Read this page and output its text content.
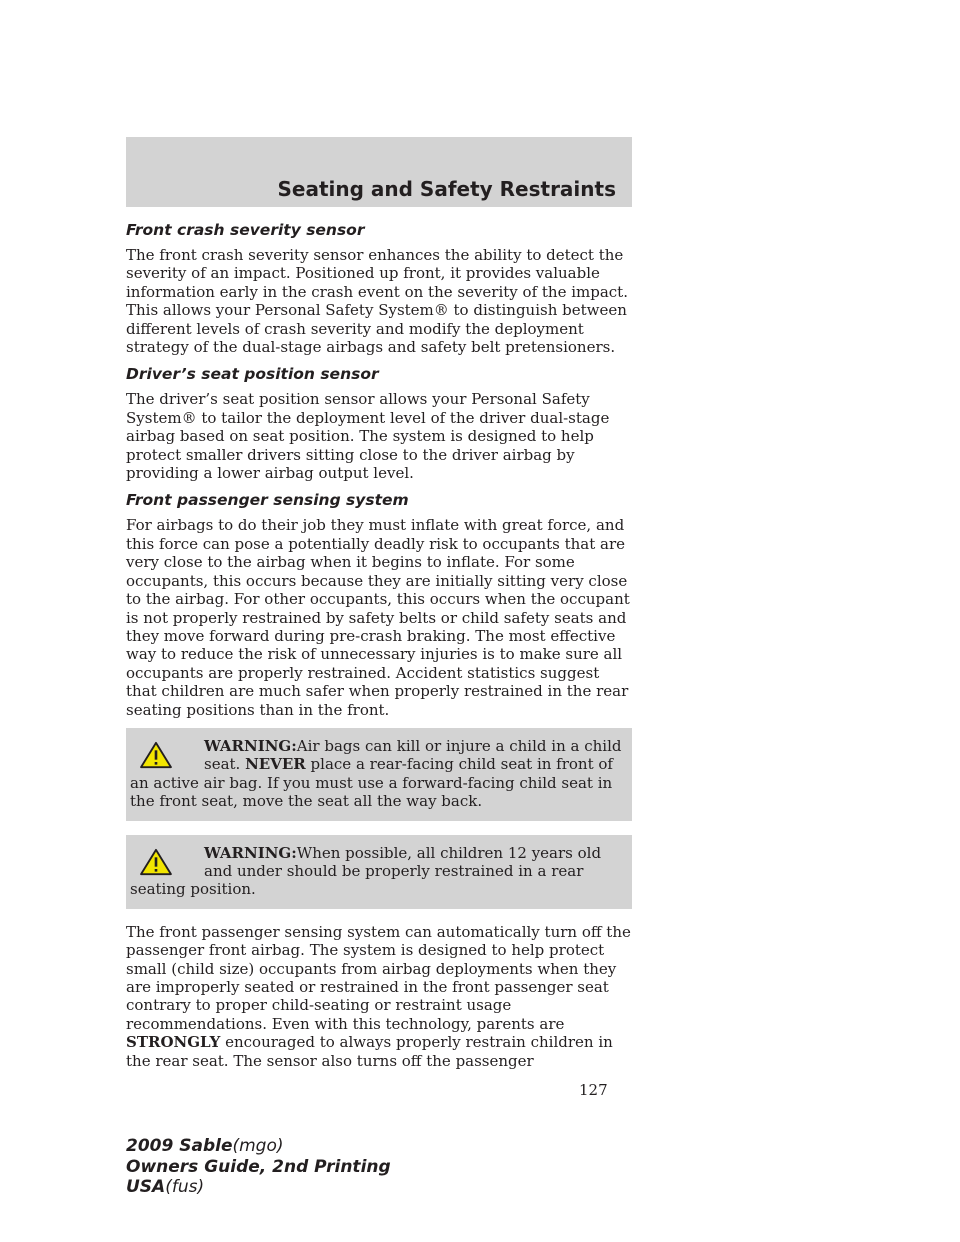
Seating and Safety Restraints
Front crash severity sensor

The front crash severity sensor enhances the ability to detect the severity of an impact. Positioned up front, it provides valuable information early in the crash event on the severity of the impact. This allows your Personal Safety System® to distinguish between different levels of crash severity and modify the deployment strategy of the dual-stage airbags and safety belt pretensioners.

Driver’s seat position sensor

The driver’s seat position sensor allows your Personal Safety System® to tailor the deployment level of the driver dual-stage airbag based on seat position. The system is designed to help protect smaller drivers sitting close to the driver airbag by providing a lower airbag output level.

Front passenger sensing system

For airbags to do their job they must inflate with great force, and this force can pose a potentially deadly risk to occupants that are very close to the airbag when it begins to inflate. For some occupants, this occurs because they are initially sitting very close to the airbag. For other occupants, this occurs when the occupant is not properly restrained by safety belts or child safety seats and they move forward during pre-crash braking. The most effective way to reduce the risk of unnecessary injuries is to make sure all occupants are properly restrained. Accident statistics suggest that children are much safer when properly restrained in the rear seating positions than in the front.

WARNING:Air bags can kill or injure a child in a child seat. NEVER place a rear-facing child seat in front of an active air bag. If you must use a forward-facing child seat in the front seat, move the seat all the way back.
WARNING:When possible, all children 12 years old and under should be properly restrained in a rear seating position.

The front passenger sensing system can automatically turn off the passenger front airbag. The system is designed to help protect small (child size) occupants from airbag deployments when they are improperly seated or restrained in the front passenger seat contrary to proper child-seating or restraint usage recommendations. Even with this technology, parents are STRONGLY encouraged to always properly restrain children in the rear seat. The sensor also turns off the passenger

127
2009 Sable(mgo)
Owners Guide, 2nd Printing
USA(fus)
